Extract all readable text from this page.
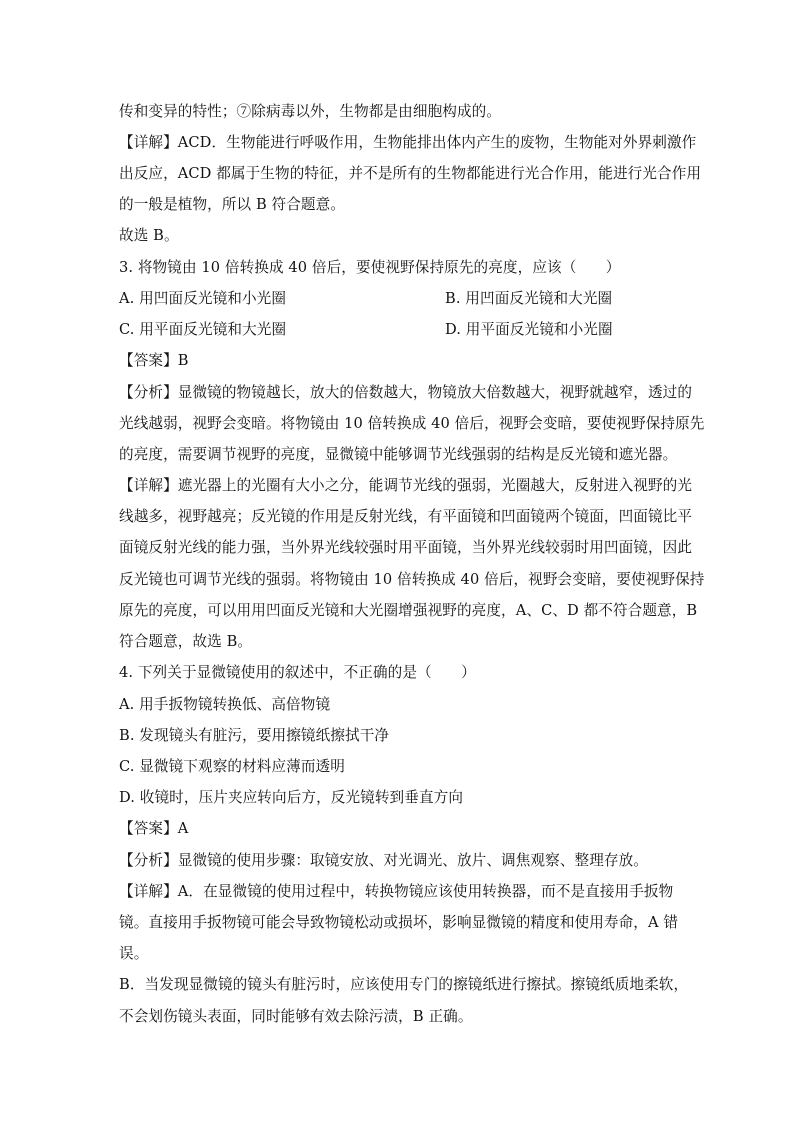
传和变异的特性；⑦除病毒以外，生物都是由细胞构成的。
【详解】ACD．生物能进行呼吸作用，生物能排出体内产生的废物，生物能对外界刺激作
出反应，ACD 都属于生物的特征，并不是所有的生物都能进行光合作用，能进行光合作用
的一般是植物，所以 B 符合题意。
故选 B。
3. 将物镜由 10 倍转换成 40 倍后，要使视野保持原先的亮度，应该（　　）
A. 用凹面反光镜和小光圈	B. 用凹面反光镜和大光圈
C. 用平面反光镜和大光圈	D. 用平面反光镜和小光圈
【答案】B
【分析】显微镜的物镜越长，放大的倍数越大，物镜放大倍数越大，视野就越窄，透过的
光线越弱，视野会变暗。将物镜由 10 倍转换成 40 倍后，视野会变暗，要使视野保持原先
的亮度，需要调节视野的亮度，显微镜中能够调节光线强弱的结构是反光镜和遮光器。
【详解】遮光器上的光圈有大小之分，能调节光线的强弱，光圈越大，反射进入视野的光
线越多，视野越亮；反光镜的作用是反射光线，有平面镜和凹面镜两个镜面，凹面镜比平
面镜反射光线的能力强，当外界光线较强时用平面镜，当外界光线较弱时用凹面镜，因此
反光镜也可调节光线的强弱。将物镜由 10 倍转换成 40 倍后，视野会变暗，要使视野保持
原先的亮度，可以用用凹面反光镜和大光圈增强视野的亮度，A、C、D 都不符合题意，B
符合题意，故选 B。
4. 下列关于显微镜使用的叙述中，不正确的是（　　）
A. 用手扳物镜转换低、高倍物镜
B. 发现镜头有脏污，要用擦镜纸擦拭干净
C. 显微镜下观察的材料应薄而透明
D. 收镜时，压片夹应转向后方，反光镜转到垂直方向
【答案】A
【分析】显微镜的使用步骤：取镜安放、对光调光、放片、调焦观察、整理存放。
【详解】A．在显微镜的使用过程中，转换物镜应该使用转换器，而不是直接用手扳物
镜。直接用手扳物镜可能会导致物镜松动或损坏，影响显微镜的精度和使用寿命，A 错
误。
B．当发现显微镜的镜头有脏污时，应该使用专门的擦镜纸进行擦拭。擦镜纸质地柔软，
不会划伤镜头表面，同时能够有效去除污渍，B 正确。
